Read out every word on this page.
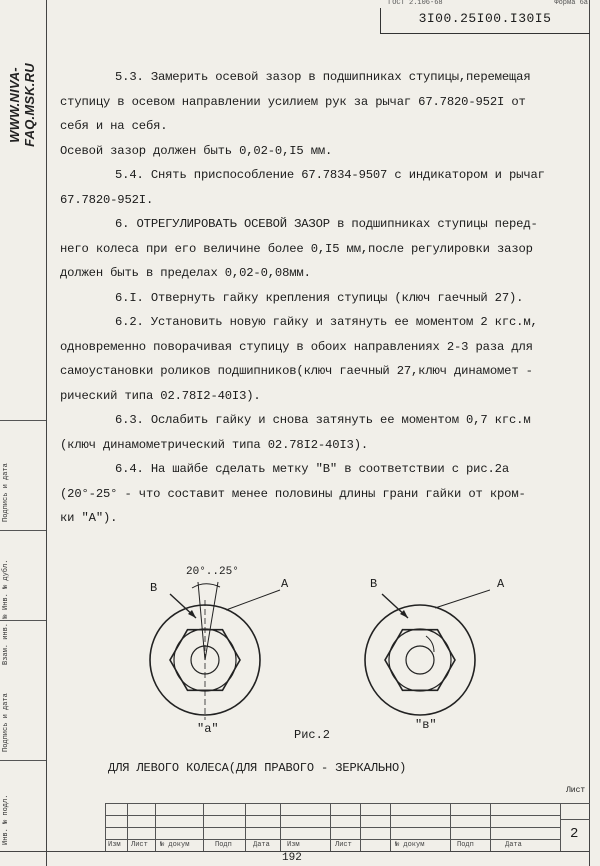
WWW.NIVA-FAQ.MSK.RU
ГОСТ 2.106-68	Форма 6а
3I00.25I00.I30I5

5.3. Замерить осевой зазор в подшипниках ступицы,перемещая

ступицу в осевом направлении усилием рук за рычаг 67.7820-952I от

себя и на себя.

Осевой зазор должен быть 0,02-0,I5 мм.

5.4. Снять приспособление 67.7834-9507 с индикатором и рычаг

67.7820-952I.

6. ОТРЕГУЛИРОВАТЬ ОСЕВОЙ ЗАЗОР в подшипниках ступицы перед-

него колеса при его величине более 0,I5 мм,после регулировки зазор

должен быть в пределах 0,02-0,08мм.

6.I. Отвернуть гайку крепления ступицы (ключ гаечный 27).

6.2. Установить новую гайку и затянуть ее моментом 2 кгс.м,

одновременно поворачивая ступицу в обоих направлениях 2-3 раза для

самоустановки роликов подшипников(ключ гаечный 27,ключ динамомет -

рический типа 02.78I2-40I3).

6.3. Ослабить гайку и снова затянуть ее моментом 0,7 кгс.м

(ключ динамометрический типа 02.78I2-40I3).

6.4. На шайбе сделать метку "В" в соответствии с рис.2а

(20°-25° - что составит менее половины длины грани гайки от кром-

ки "А").

20°..25°
B	A	B	A
"а"	"в"
Рис.2
ДЛЯ ЛЕВОГО КОЛЕСА(ДЛЯ ПРАВОГО - ЗЕРКАЛЬНО)
Инв. № подл.
Подпись и дата
Взам. инв. №
Инв. № дубл.
Подпись и дата
Изм Лист № докум	Подп	Дата Изм	Лист	№ докум	Подп	Дата
Лист
2
192
